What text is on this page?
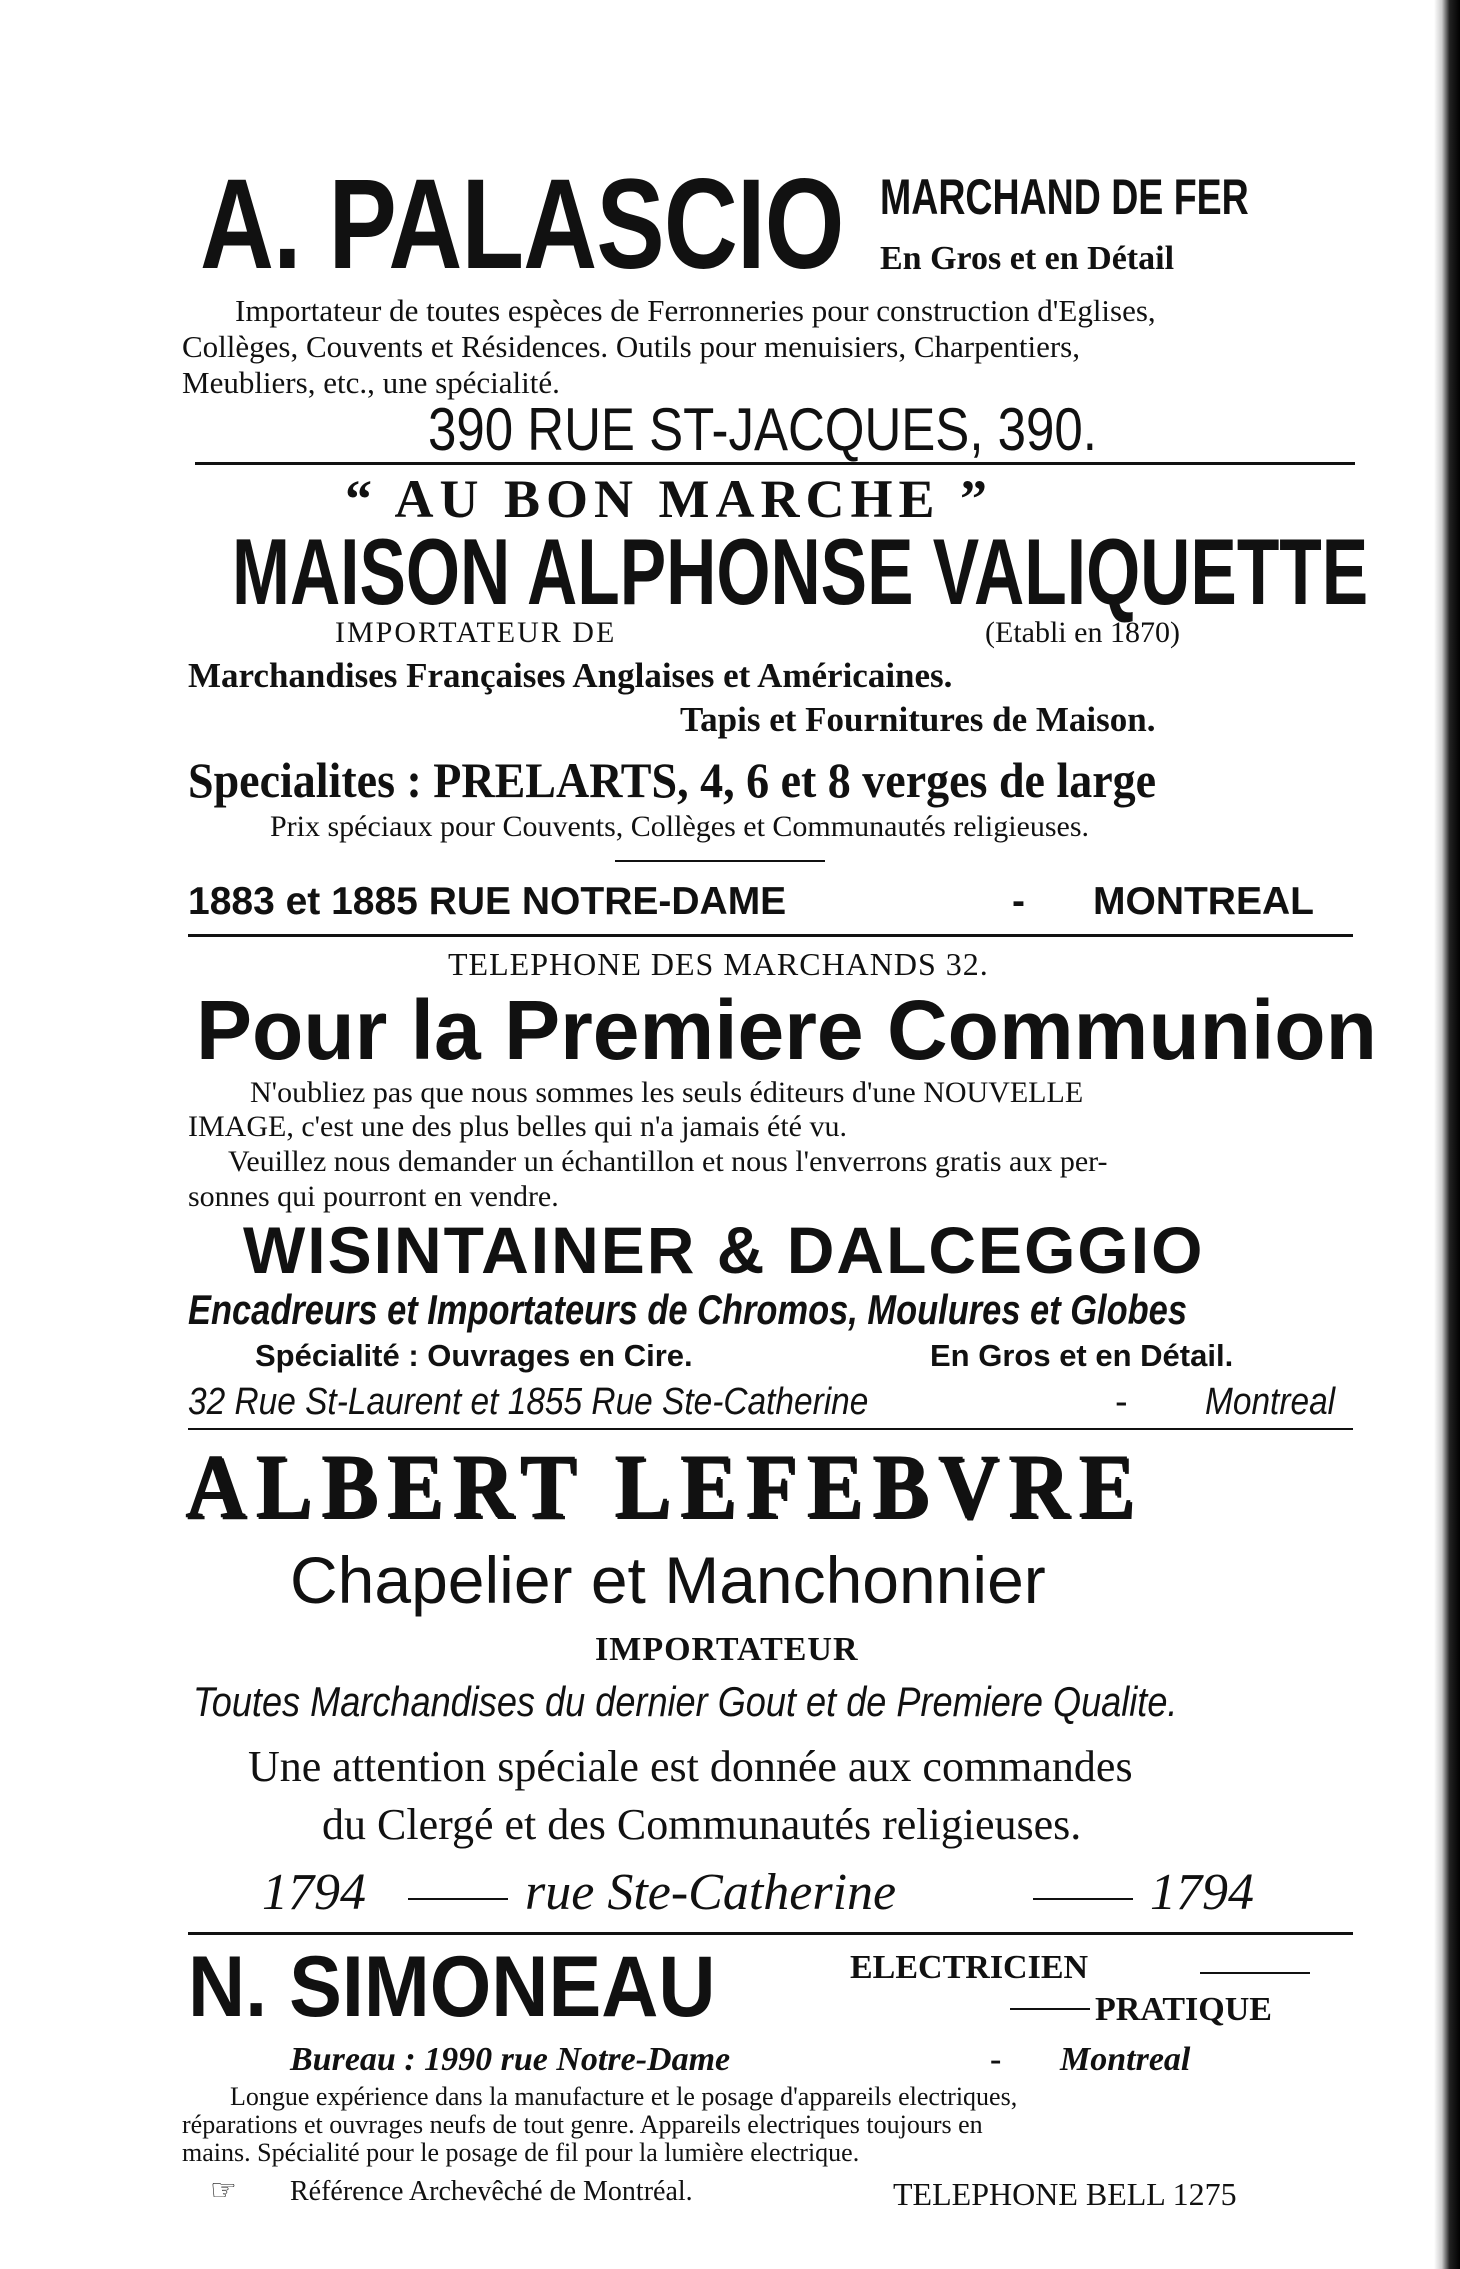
A. PALASCIO MARCHAND DE FER
En Gros et en Détail
Importateur de toutes espèces de Ferronneries pour construction d'Eglises,
Collèges, Couvents et Résidences. Outils pour menuisiers, Charpentiers,
Meubliers, etc., une spécialité.
390 RUE ST-JACQUES, 390.
“ AU BON MARCHE ”
MAISON ALPHONSE VALIQUETTE
IMPORTATEUR DE	(Etabli en 1870)
Marchandises Françaises Anglaises et Américaines.
Tapis et Fournitures de Maison.
Specialites : PRELARTS, 4, 6 et 8 verges de large
Prix spéciaux pour Couvents, Collèges et Communautés religieuses.
1883 et 1885 RUE NOTRE-DAME	- MONTREAL
TELEPHONE DES MARCHANDS 32.
Pour la Premiere Communion
N'oubliez pas que nous sommes les seuls éditeurs d'une NOUVELLE
IMAGE, c'est une des plus belles qui n'a jamais été vu.
Veuillez nous demander un échantillon et nous l'enverrons gratis aux per-
sonnes qui pourront en vendre.
WISINTAINER & DALCEGGIO
Encadreurs et Importateurs de Chromos, Moulures et Globes
Spécialité : Ouvrages en Cire.	En Gros et en Détail.
32 Rue St-Laurent et 1855 Rue Ste-Catherine	- Montreal
ALBERT LEFEBVRE
Chapelier et Manchonnier
IMPORTATEUR
Toutes Marchandises du dernier Gout et de Premiere Qualite.
Une attention spéciale est donnée aux commandes
du Clergé et des Communautés religieuses.
1794	rue Ste-Catherine	1794
N. SIMONEAU	ELECTRICIEN
PRATIQUE
Bureau : 1990 rue Notre-Dame	- Montreal
Longue expérience dans la manufacture et le posage d'appareils electriques,
réparations et ouvrages neufs de tout genre. Appareils electriques toujours en
mains. Spécialité pour le posage de fil pour la lumière electrique.
☞ Référence Archevêché de Montréal.	TELEPHONE BELL 1275
